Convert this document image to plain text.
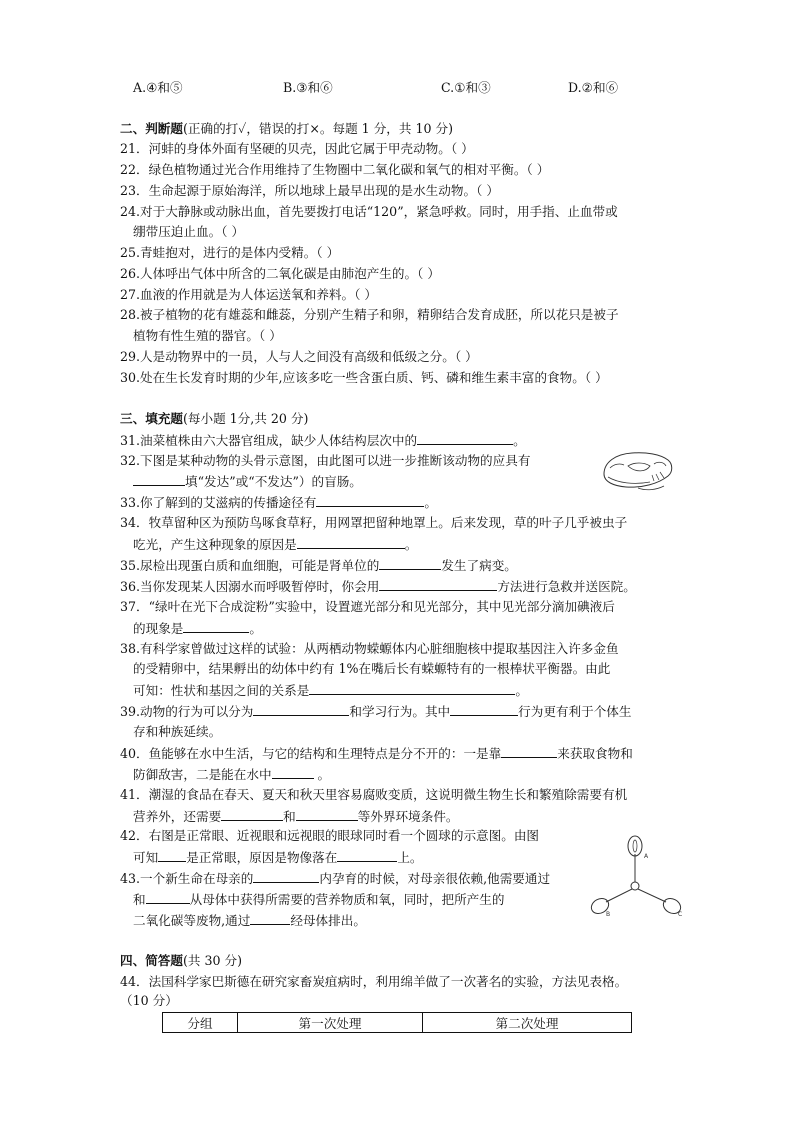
A.④和⑤	B.③和⑥	C.①和③	D.②和⑥
二、判断题(正确的打✓，错误的打×。每题 1 分，共 10 分)
21．河蚌的身体外面有坚硬的贝壳，因此它属于甲壳动物。（ ）
22．绿色植物通过光合作用维持了生物圈中二氧化碳和氧气的相对平衡。（ ）
23．生命起源于原始海洋，所以地球上最早出现的是水生动物。（ ）
24.对于大静脉或动脉出血，首先要拨打电话“120”，紧急呼救。同时，用手指、止血带或
绷带压迫止血。（ ）
25.青蛙抱对，进行的是体内受精。（ ）
26.人体呼出气体中所含的二氧化碳是由肺泡产生的。（ ）
27.血液的作用就是为人体运送氧和养料。（ ）
28.被子植物的花有雄蕊和雌蕊，分别产生精子和卵，精卵结合发育成胚，所以花只是被子
植物有性生殖的器官。（ ）
29.人是动物界中的一员，人与人之间没有高级和低级之分。（ ）
30.处在生长发育时期的少年,应该多吃一些含蛋白质、钙、磷和维生素丰富的食物。（ ）
三、填充题(每小题 1分,共 20 分)
31.油菜植株由六大器官组成，缺少人体结构层次中的	。
32.下图是某种动物的头骨示意图，由此图可以进一步推断该动物的应具有
填“发达”或“不发达”）的盲肠。
33.你了解到的艾滋病的传播途径有	。
34．牧草留种区为预防鸟啄食草籽，用网罩把留种地罩上。后来发现，草的叶子几乎被虫子
吃光，产生这种现象的原因是	。
35.尿检出现蛋白质和血细胞，可能是肾单位的	发生了病变。
36.当你发现某人因溺水而呼吸暂停时，你会用	方法进行急救并送医院。
37．“绿叶在光下合成淀粉”实验中，设置遮光部分和见光部分，其中见光部分滴加碘液后
的现象是	。
38.有科学家曾做过这样的试验：从两栖动物蝾螈体内心脏细胞核中提取基因注入许多金鱼
的受精卵中，结果孵出的幼体中约有 1%在嘴后长有蝾螈特有的一根棒状平衡器。由此
可知：性状和基因之间的关系是	。
39.动物的行为可以分为	和学习行为。其中	行为更有利于个体生
存和种族延续。
40．鱼能够在水中生活，与它的结构和生理特点是分不开的：一是靠	来获取食物和
防御敌害，二是能在水中	。
41．潮湿的食品在春天、夏天和秋天里容易腐败变质，这说明微生物生长和繁殖除需要有机
营养外，还需要	和	等外界环境条件。
42．右图是正常眼、近视眼和远视眼的眼球同时看一个圆球的示意图。由图
可知 是正常眼，原因是物像落在	上。	A
B	C
43.一个新生命在母亲的	内孕育的时候，对母亲很依赖,他需要通过
和	从母体中获得所需要的营养物质和氧，同时，把所产生的
二氧化碳等废物,通过	经母体排出。
四、简答题(共 30 分)
44．法国科学家巴斯德在研究家畜炭疽病时，利用绵羊做了一次著名的实验，方法见表格。
（10 分）
分组	第一次处理	第二次处理
